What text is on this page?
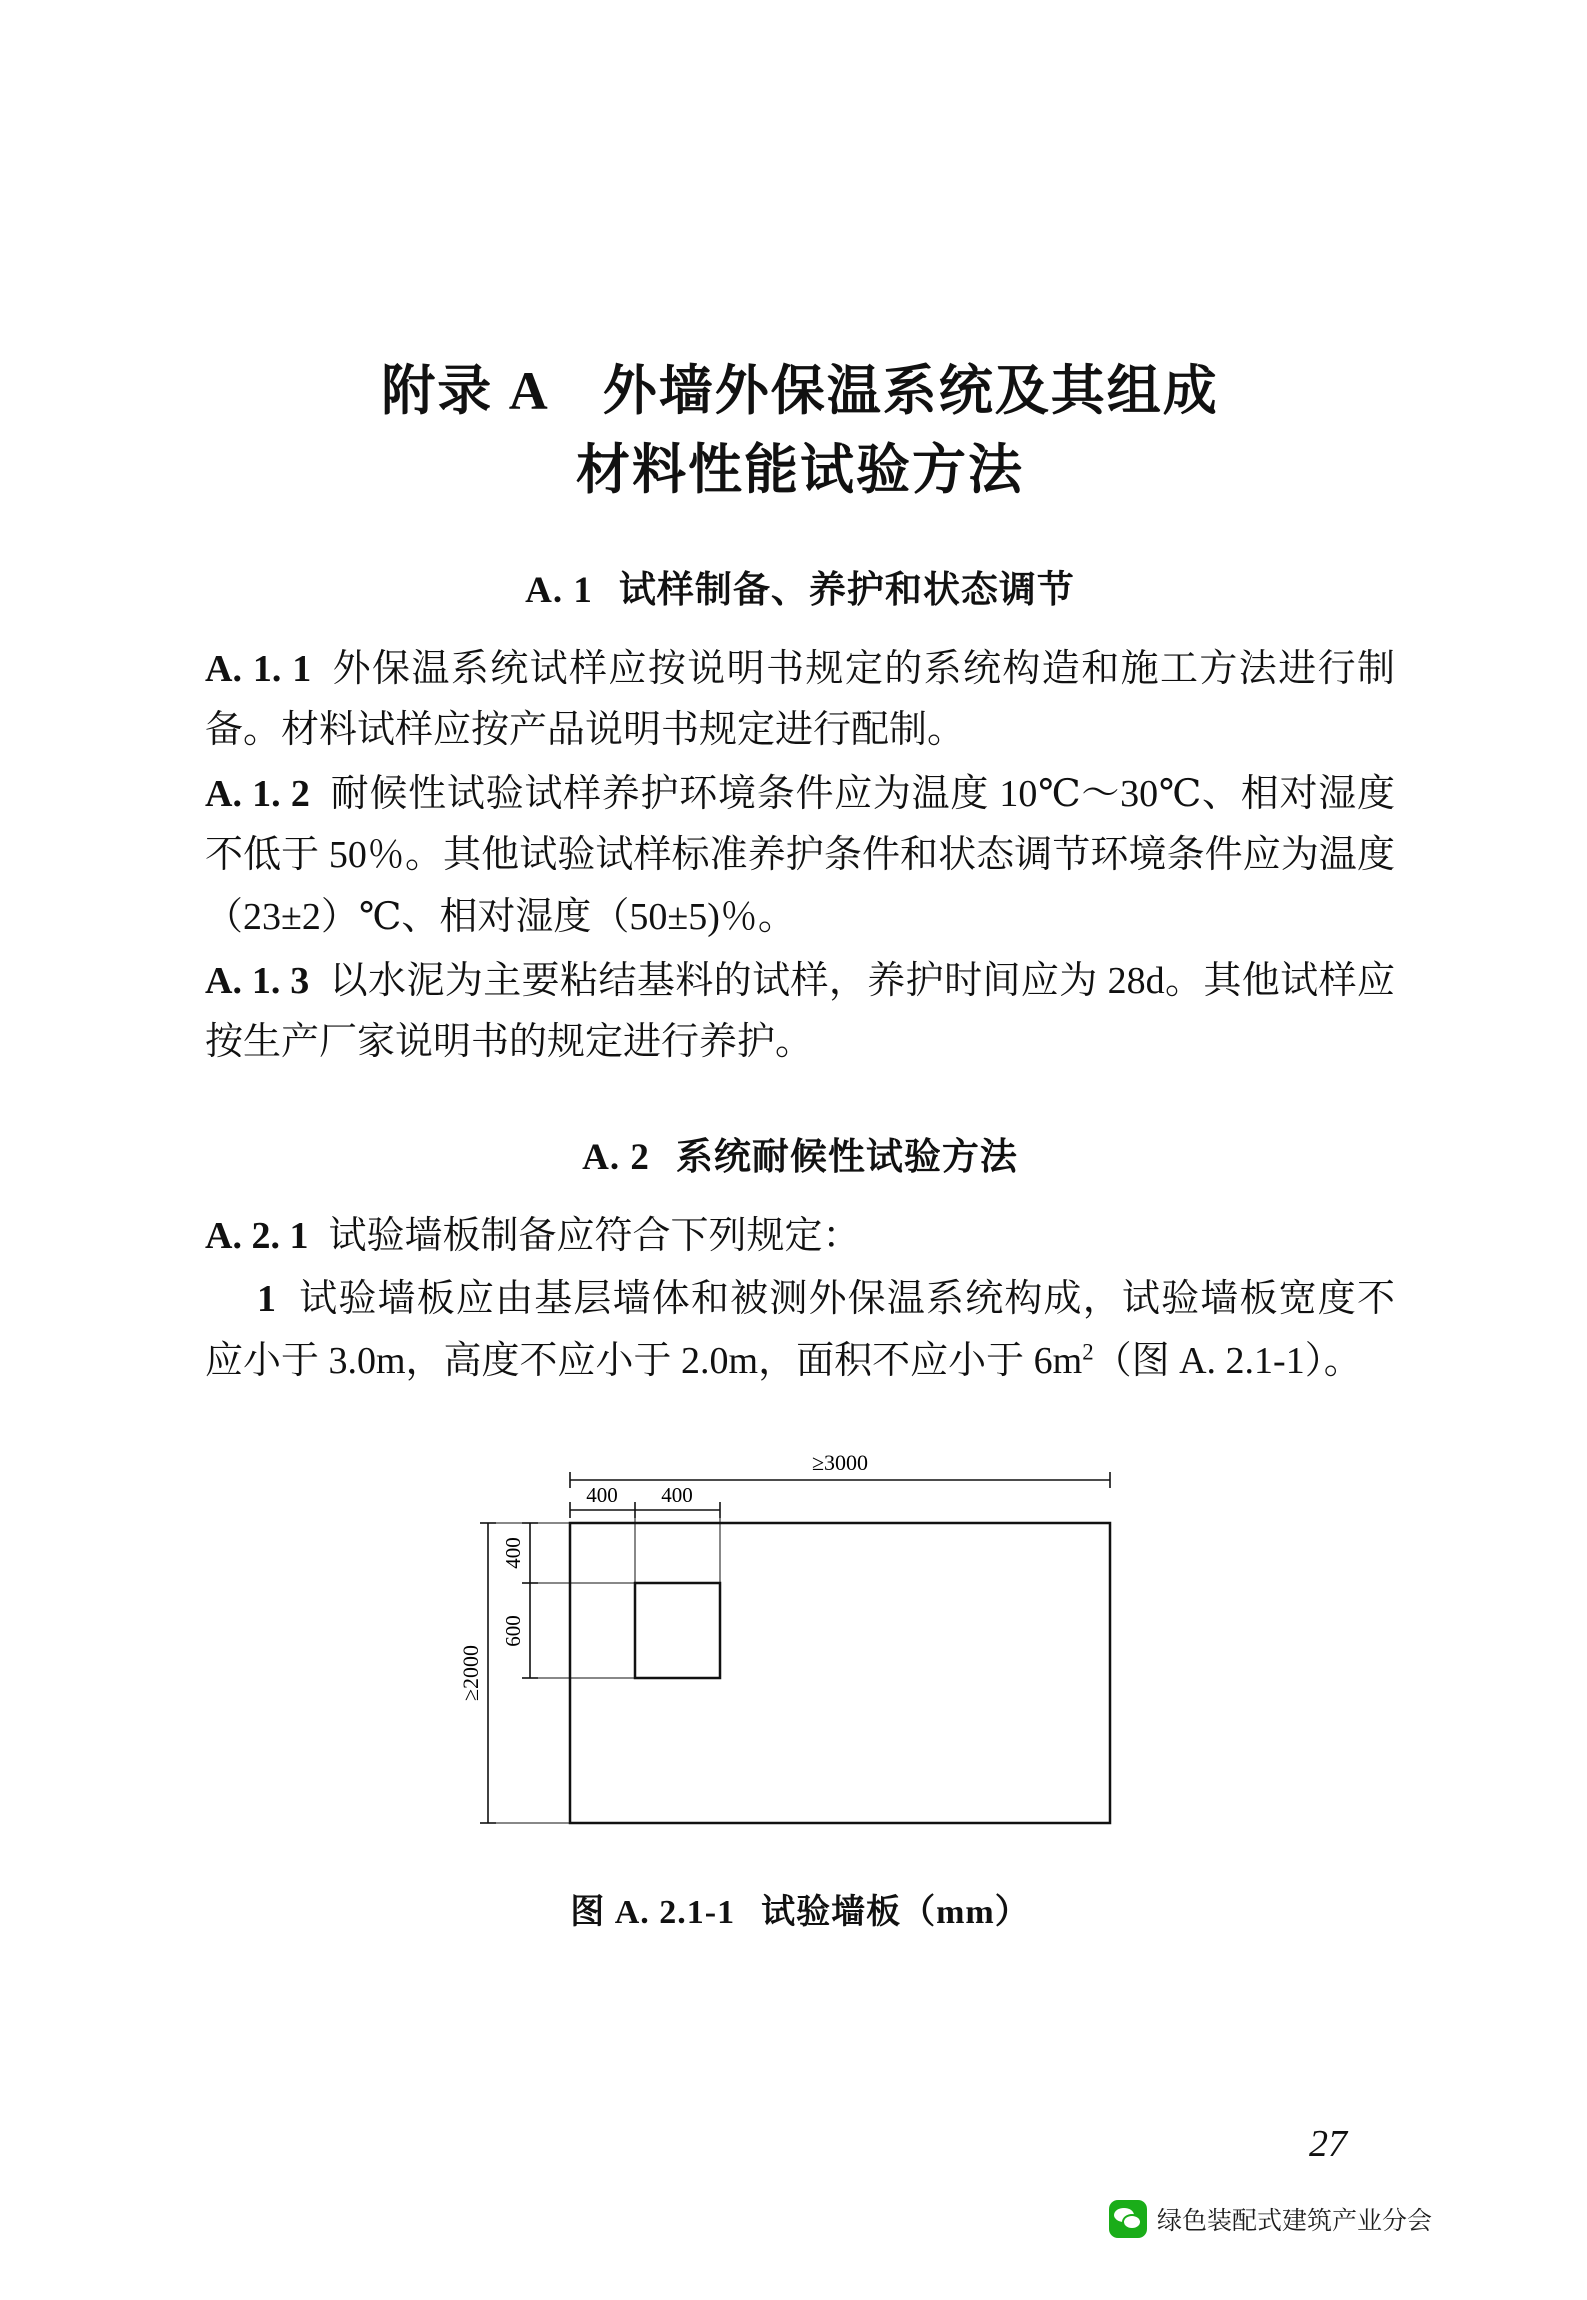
附录 A　外墙外保温系统及其组成
材料性能试验方法
A. 1 试样制备、养护和状态调节

A. 1. 1 外保温系统试样应按说明书规定的系统构造和施工方法进行制备。材料试样应按产品说明书规定进行配制。

A. 1. 2 耐候性试验试样养护环境条件应为温度 10℃～30℃、相对湿度不低于 50％。其他试验试样标准养护条件和状态调节环境条件应为温度（23±2）℃、相对湿度（50±5)％。

A. 1. 3 以水泥为主要粘结基料的试样，养护时间应为 28d。其他试样应按生产厂家说明书的规定进行养护。

A. 2 系统耐候性试验方法

A. 2. 1 试验墙板制备应符合下列规定：

1 试验墙板应由基层墙体和被测外保温系统构成，试验墙板宽度不应小于 3.0m，高度不应小于 2.0m，面积不应小于 $6m^2$（图 A. 2.1-1）。

≥3000
400 400
≥2000
400
600
图 A. 2.1-1 试验墙板（mm）
27
绿色装配式建筑产业分会
